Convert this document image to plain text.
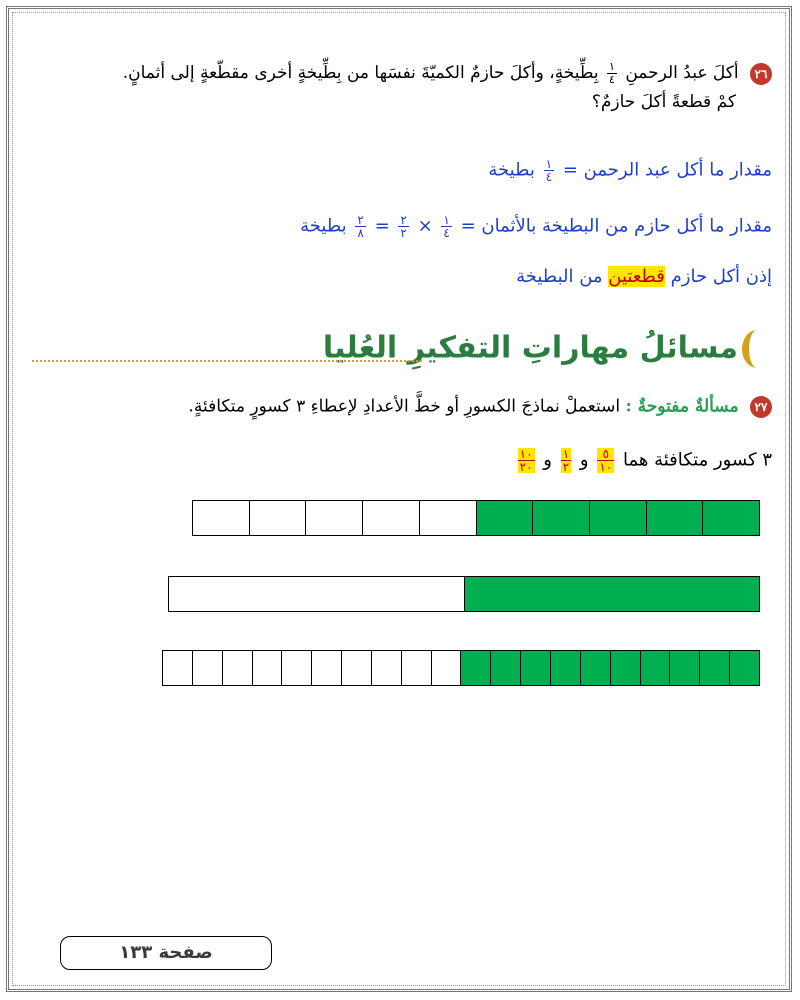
٢٦ أكلَ عبدُ الرحمنِ
$\frac{١}{٤}$
بِطِّيخةٍ، وأكلَ حازمٌ الكميّةَ نفسَها من بِطِّيخةٍ أخرى مقطّعةٍ إلى أثمانٍ.
كمْ قطعةً أكلَ حازمٌ؟
مقدار ما أكل عبد الرحمن =
$\frac{١}{٤}$
بطيخة
مقدار ما أكل حازم من البطيخة بالأثمان =
$\frac{١}{٤}$
×
$\frac{٢}{٢}$
=
$\frac{٢}{٨}$
بطيخة
إذن أكل حازم قطعتين من البطيخة
مسائلُ مهاراتِ التفكيرِ العُليا
٢٧ مسألةٌ مفتوحةٌ : استعملْ نماذجَ الكسورِ أو خطَّ الأعدادِ لإعطاءِ ٣ كسورٍ متكافئةٍ.
٣ كسور متكافئة هما
$\frac{٥}{١٠}$
و
$\frac{١}{٢}$
و
$\frac{١٠}{٢٠}$
صفحة ١٣٣
